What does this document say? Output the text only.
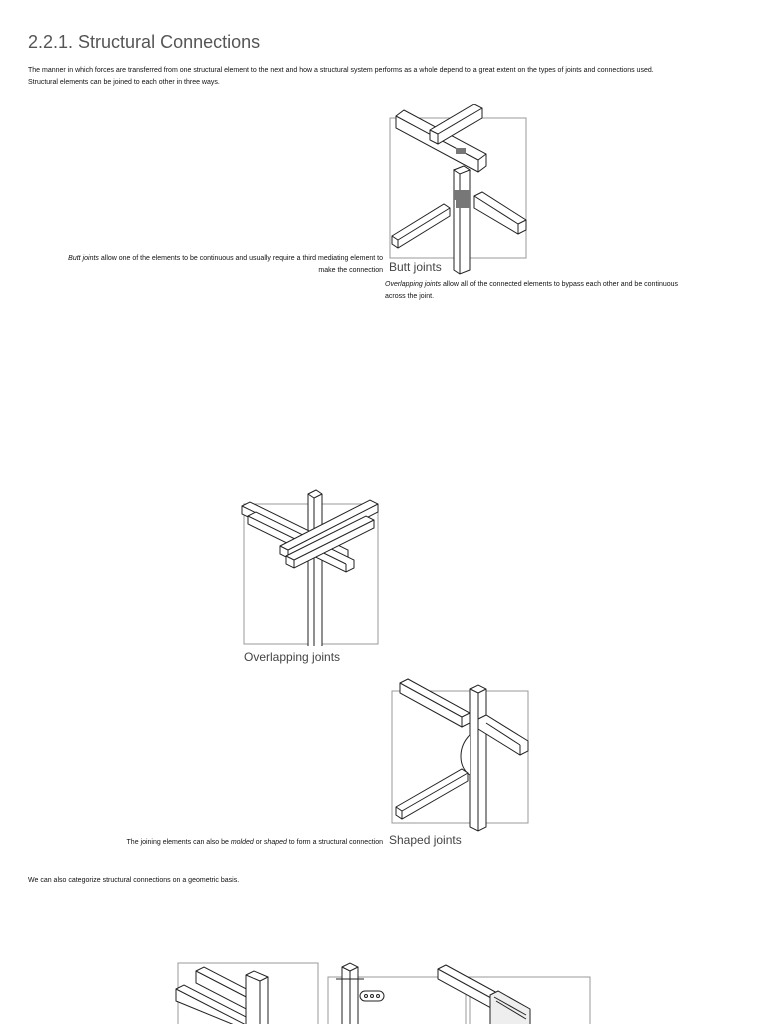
2.2.1. Structural Connections
The manner in which forces are transferred from one structural element to the next and how a structural system performs as a whole depend to a great extent on the types of joints and connections used.
Structural elements can be joined to each other in three ways.
Butt joints
Butt joints allow one of the elements to be continuous and usually require a third mediating element to
make the connection
Overlapping joints allow all of the connected elements to bypass each other and be continuous
across the joint.
Overlapping joints
Shaped joints
The joining elements can also be molded or shaped to form a structural connection
We can also categorize structural connections on a geometric basis.
